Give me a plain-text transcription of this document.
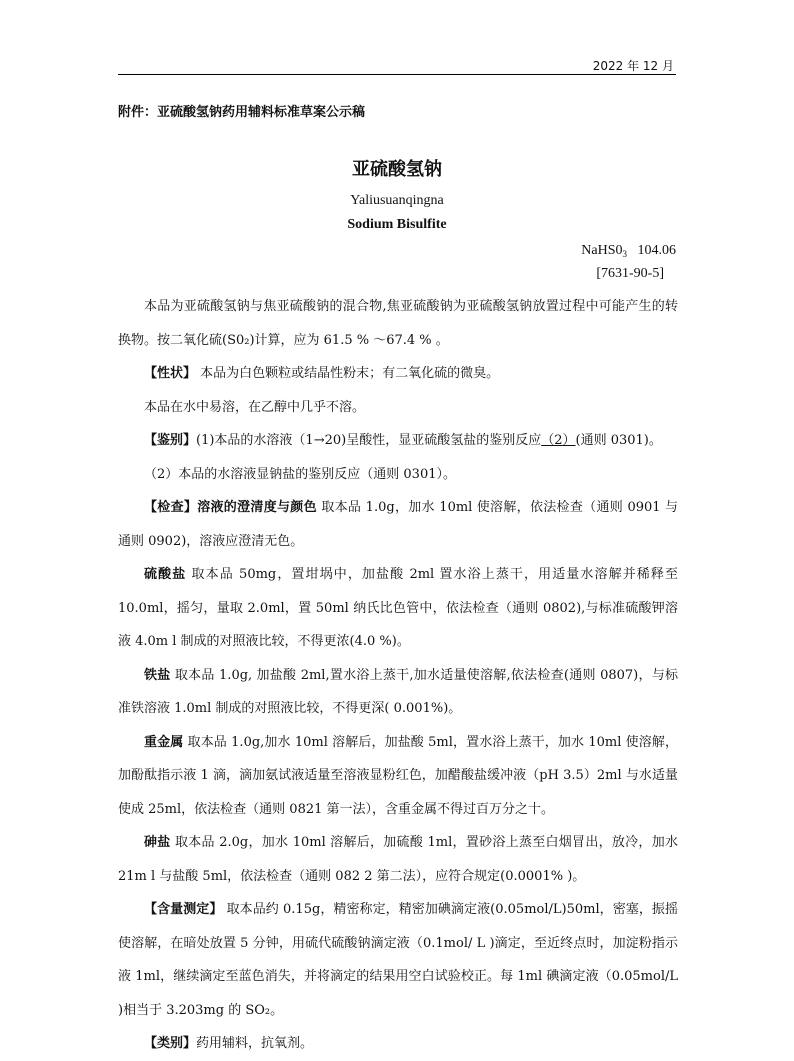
2022 年 12 月
附件：亚硫酸氢钠药用辅料标准草案公示稿
亚硫酸氢钠
Yaliusuanqingna
Sodium Bisulfite
$NaHS0_3$ 104.06
[7631-90-5]

本品为亚硫酸氢钠与焦亚硫酸钠的混合物,焦亚硫酸钠为亚硫酸氢钠放置过程中可能产生的转换物。按二氧化硫(S0₂)计算，应为 61.5 % ～67.4 % 。

【性状】 本品为白色颗粒或结晶性粉末；有二氧化硫的微臭。

本品在水中易溶，在乙醇中几乎不溶。

【鉴别】(1)本品的水溶液（1→20)呈酸性，显亚硫酸氢盐的鉴别反应（2）(通则 0301)。

（2）本品的水溶液显钠盐的鉴别反应（通则 0301）。

【检查】溶液的澄清度与颜色 取本品 1.0g，加水 10ml 使溶解，依法检查（通则 0901 与通则 0902)，溶液应澄清无色。

硫酸盐 取本品 50mg，置坩埚中，加盐酸 2ml 置水浴上蒸干，用适量水溶解并稀释至 10.0ml，摇匀，量取 2.0ml，置 50ml 纳氏比色管中，依法检查（通则 0802),与标准硫酸钾溶液 4.0m l 制成的对照液比较，不得更浓(4.0 %)。

铁盐 取本品 1.0g, 加盐酸 2ml,置水浴上蒸干,加水适量使溶解,依法检查(通则 0807)，与标准铁溶液 1.0ml 制成的对照液比较，不得更深( 0.001%)。

重金属 取本品 1.0g,加水 10ml 溶解后，加盐酸 5ml，置水浴上蒸干，加水 10ml 使溶解，加酚酞指示液 1 滴，滴加氨试液适量至溶液显粉红色，加醋酸盐缓冲液（pH 3.5）2ml 与水适量使成 25ml，依法检查（通则 0821 第一法），含重金属不得过百万分之十。

砷盐 取本品 2.0g，加水 10ml 溶解后，加硫酸 1ml，置砂浴上蒸至白烟冒出，放冷，加水 21m l 与盐酸 5ml，依法检查（通则 082 2 第二法），应符合规定(0.0001% )。

【含量测定】 取本品约 0.15g，精密称定，精密加碘滴定液(0.05mol/L)50ml，密塞，振摇使溶解，在暗处放置 5 分钟，用硫代硫酸钠滴定液（0.1mol/ L )滴定，至近终点时，加淀粉指示液 1ml，继续滴定至蓝色消失，并将滴定的结果用空白试验校正。每 1ml 碘滴定液（0.05mol/L )相当于 3.203mg 的 SO₂。

【类别】药用辅料，抗氧剂。
